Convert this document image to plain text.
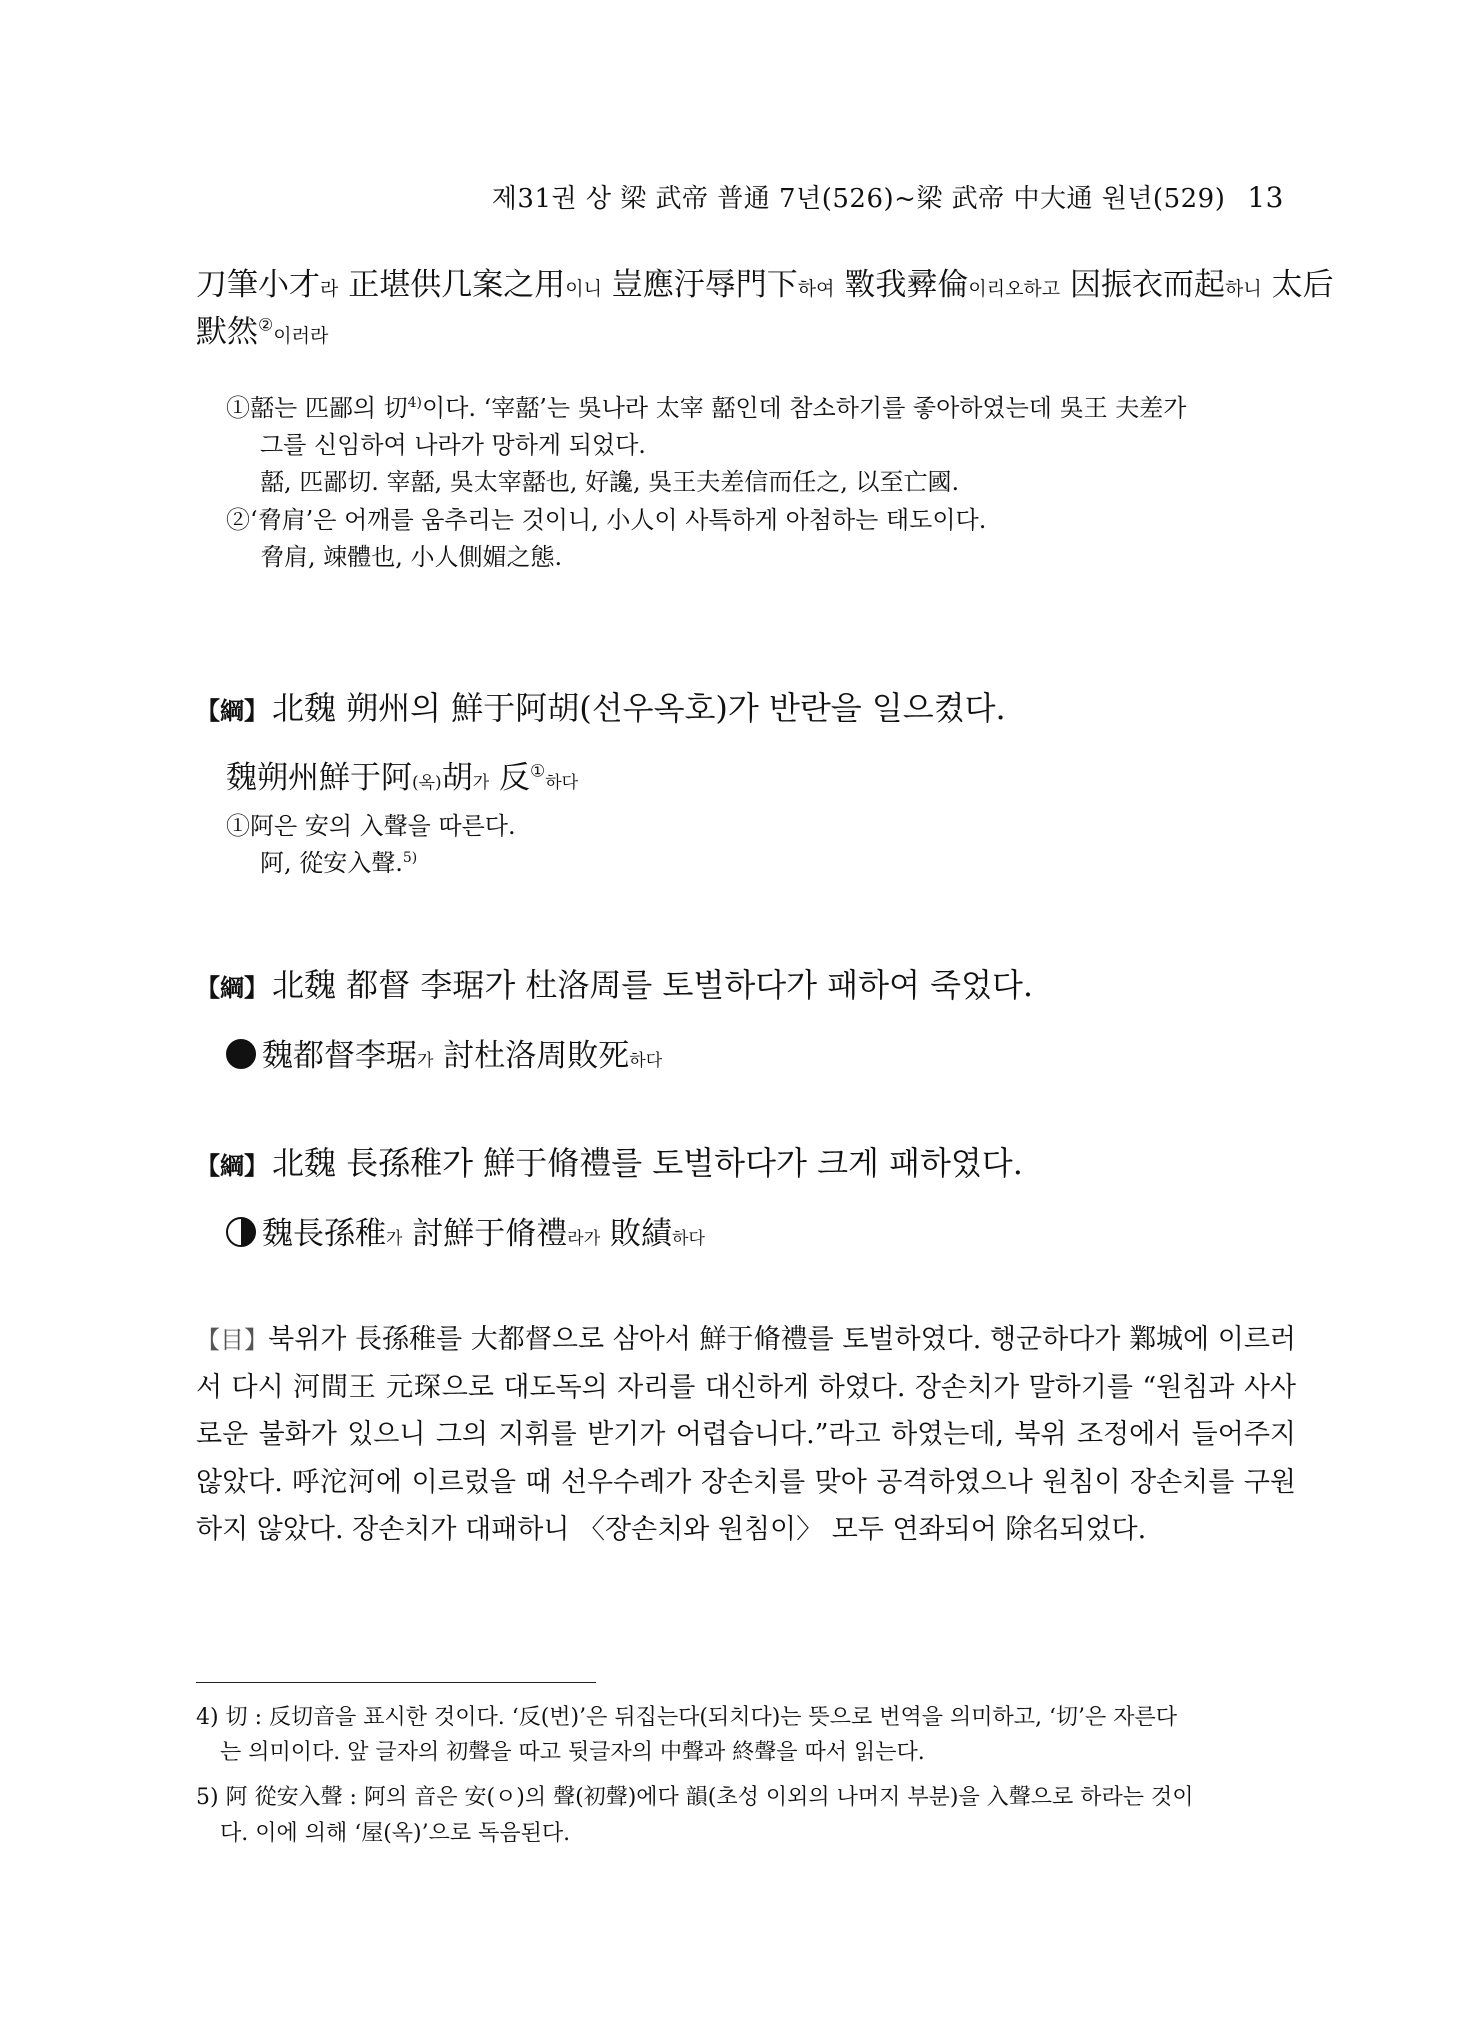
제31권 상 梁 武帝 普通 7년(526)~梁 武帝 中大通 원년(529) 13
刀筆小才라 正堪供几案之用이니 豈應汙辱門下하여 斁我彛倫이리오하고 因振衣而起하니 太后
默然②이러라
①嚭는 匹鄙의 切$^{4)}$이다. ‘宰嚭’는 吳나라 太宰 嚭인데 참소하기를 좋아하였는데 吳王 夫差가
그를 신임하여 나라가 망하게 되었다.
嚭, 匹鄙切. 宰嚭, 吳太宰嚭也, 好讒, 吳王夫差信而任之, 以至亡國.
②‘脅肩’은 어깨를 움추리는 것이니, 小人이 사특하게 아첨하는 태도이다.
脅肩, 竦體也, 小人側媚之態.
【綱】 北魏 朔州의 鮮于阿胡(선우옥호)가 반란을 일으켰다.
魏朔州鮮于阿(옥)胡가 反①하다
①阿은 安의 入聲을 따른다.
阿, 從安入聲.$^{5)}$
【綱】 北魏 都督 李琚가 杜洛周를 토벌하다가 패하여 죽었다.
魏都督李琚가 討杜洛周敗死하다
【綱】 北魏 長孫稚가 鮮于脩禮를 토벌하다가 크게 패하였다.
魏長孫稚가 討鮮于脩禮라가 敗績하다
【目】북위가 長孫稚를 大都督으로 삼아서 鮮于脩禮를 토벌하였다. 행군하다가 鄴城에 이르러서 다시 河間王 元琛으로 대도독의 자리를 대신하게 하였다. 장손치가 말하기를 “원침과 사사로운 불화가 있으니 그의 지휘를 받기가 어렵습니다.”라고 하였는데, 북위 조정에서 들어주지 않았다. 呼沱河에 이르렀을 때 선우수례가 장손치를 맞아 공격하였으나 원침이 장손치를 구원하지 않았다. 장손치가 대패하니 〈장손치와 원침이〉 모두 연좌되어 除名되었다.
4) 切 : 反切音을 표시한 것이다. ‘反(번)’은 뒤집는다(되치다)는 뜻으로 번역을 의미하고, ‘切’은 자른다
는 의미이다. 앞 글자의 初聲을 따고 뒷글자의 中聲과 終聲을 따서 읽는다.
5) 阿 從安入聲 : 阿의 音은 安(ㅇ)의 聲(初聲)에다 韻(초성 이외의 나머지 부분)을 入聲으로 하라는 것이
다. 이에 의해 ‘屋(옥)’으로 독음된다.
